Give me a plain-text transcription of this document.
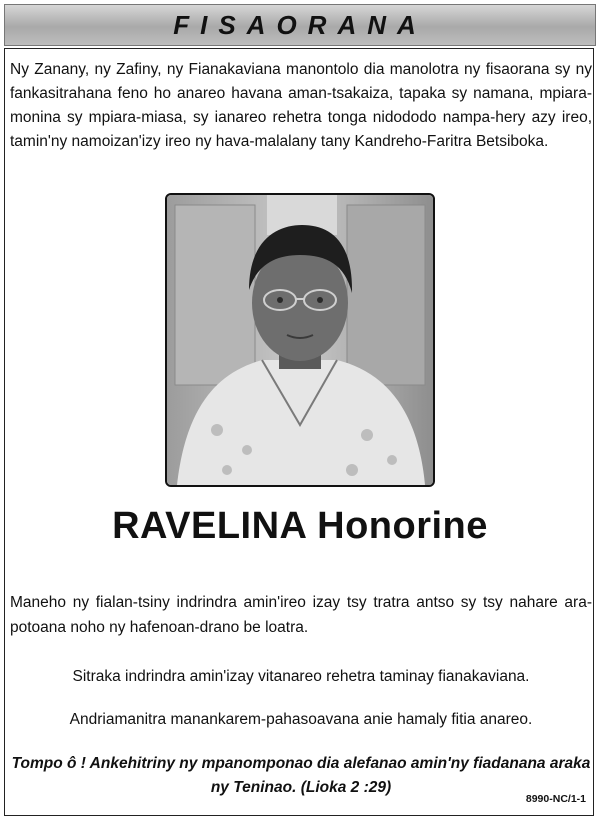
FISAORANA
Ny Zanany, ny Zafiny, ny Fianakaviana manontolo dia manolotra ny fisaorana sy ny fankasitrahana feno ho anareo havana aman-tsakaiza, tapaka sy namana, mpiara-monina sy mpiara-miasa, sy ianareo rehetra tonga nidododo nampa-hery azy ireo, tamin'ny namoizan'izy ireo ny hava-malalany tany Kandreho-Faritra Betsiboka.
RAVELINA Honorine
Maneho ny fialan-tsiny indrindra amin'ireo izay tsy tratra antso sy tsy nahare ara-potoana noho ny hafenoan-drano be loatra.
Sitraka indrindra amin'izay vitanareo rehetra taminay fianakaviana.
Andriamanitra manankarem-pahasoavana anie hamaly fitia anareo.
Tompo ô ! Ankehitriny ny mpanomponao dia alefanao amin'ny fiadanana araka ny Teninao. (Lioka 2 :29)
8990-NC/1-1
